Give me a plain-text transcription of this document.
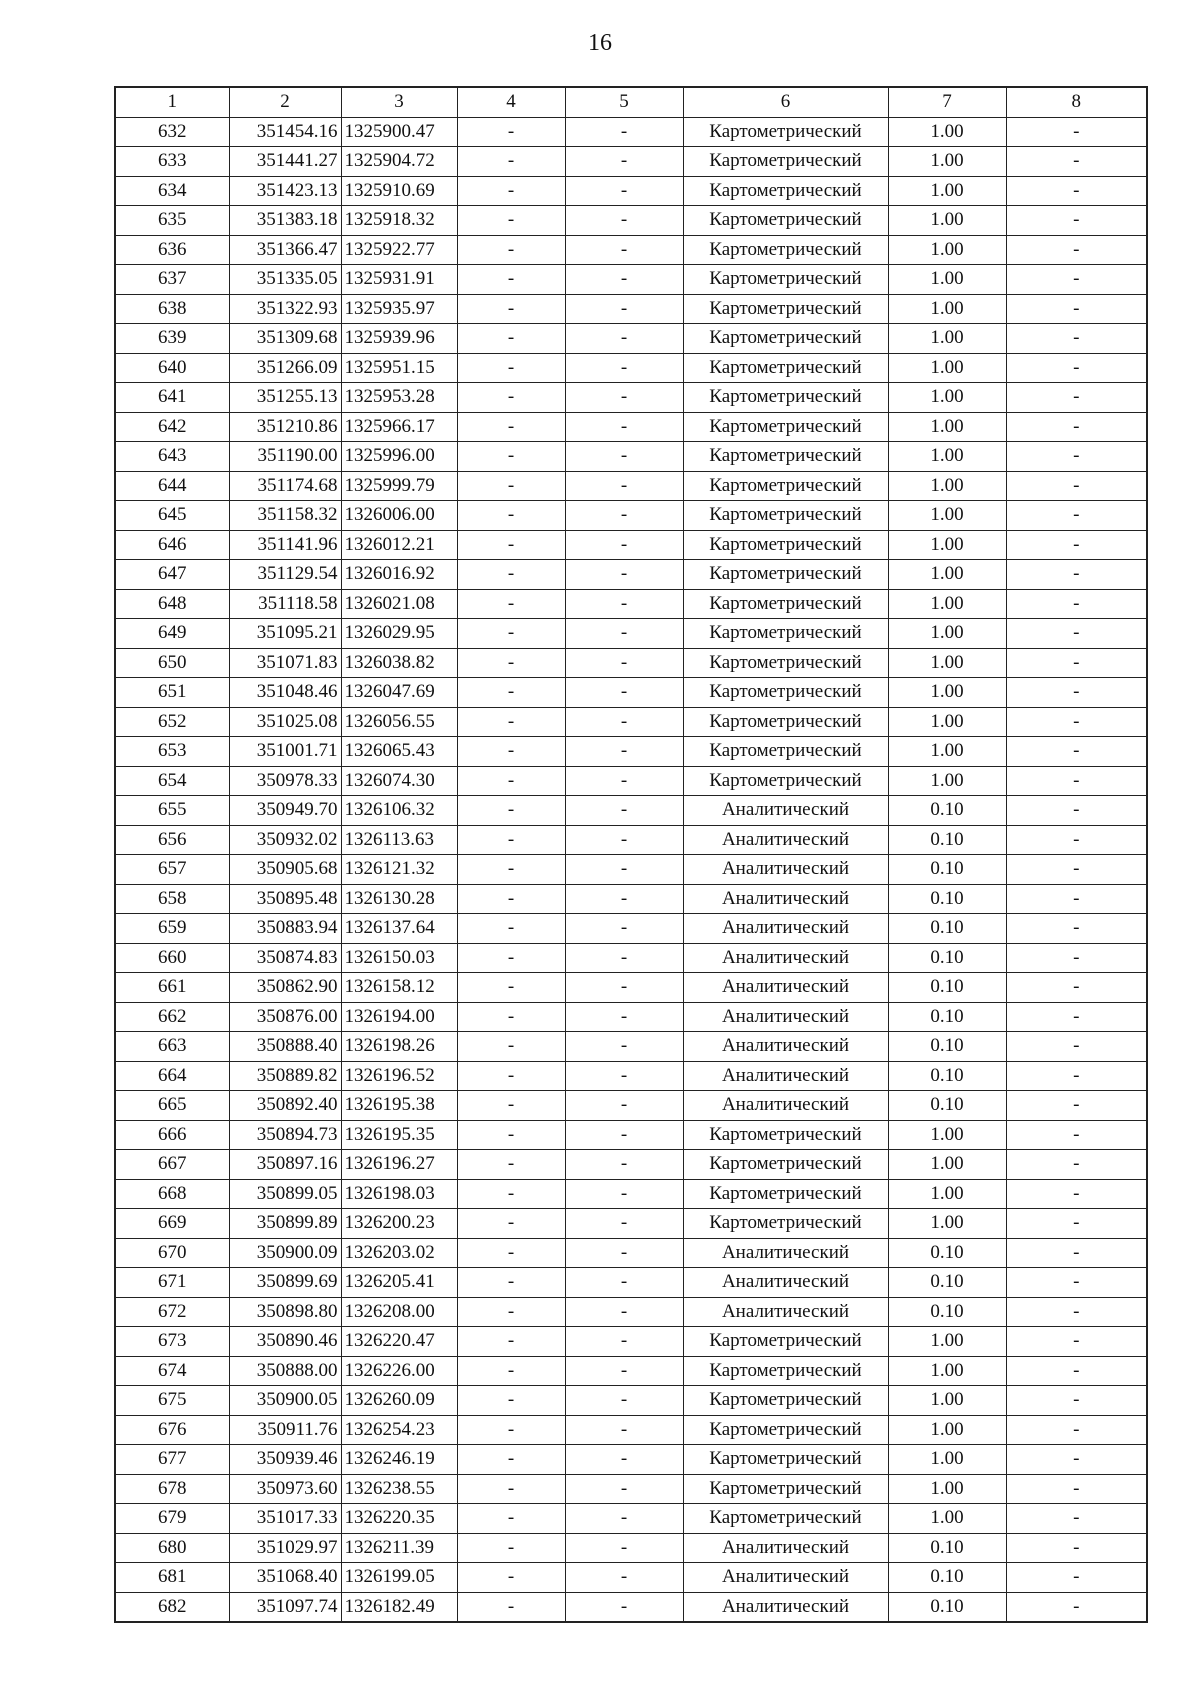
16
1	2	3	4	5	6	7	8
632	351454.16	1325900.47	-	-	Картометрический	1.00	-
633	351441.27	1325904.72	-	-	Картометрический	1.00	-
634	351423.13	1325910.69	-	-	Картометрический	1.00	-
635	351383.18	1325918.32	-	-	Картометрический	1.00	-
636	351366.47	1325922.77	-	-	Картометрический	1.00	-
637	351335.05	1325931.91	-	-	Картометрический	1.00	-
638	351322.93	1325935.97	-	-	Картометрический	1.00	-
639	351309.68	1325939.96	-	-	Картометрический	1.00	-
640	351266.09	1325951.15	-	-	Картометрический	1.00	-
641	351255.13	1325953.28	-	-	Картометрический	1.00	-
642	351210.86	1325966.17	-	-	Картометрический	1.00	-
643	351190.00	1325996.00	-	-	Картометрический	1.00	-
644	351174.68	1325999.79	-	-	Картометрический	1.00	-
645	351158.32	1326006.00	-	-	Картометрический	1.00	-
646	351141.96	1326012.21	-	-	Картометрический	1.00	-
647	351129.54	1326016.92	-	-	Картометрический	1.00	-
648	351118.58	1326021.08	-	-	Картометрический	1.00	-
649	351095.21	1326029.95	-	-	Картометрический	1.00	-
650	351071.83	1326038.82	-	-	Картометрический	1.00	-
651	351048.46	1326047.69	-	-	Картометрический	1.00	-
652	351025.08	1326056.55	-	-	Картометрический	1.00	-
653	351001.71	1326065.43	-	-	Картометрический	1.00	-
654	350978.33	1326074.30	-	-	Картометрический	1.00	-
655	350949.70	1326106.32	-	-	Аналитический	0.10	-
656	350932.02	1326113.63	-	-	Аналитический	0.10	-
657	350905.68	1326121.32	-	-	Аналитический	0.10	-
658	350895.48	1326130.28	-	-	Аналитический	0.10	-
659	350883.94	1326137.64	-	-	Аналитический	0.10	-
660	350874.83	1326150.03	-	-	Аналитический	0.10	-
661	350862.90	1326158.12	-	-	Аналитический	0.10	-
662	350876.00	1326194.00	-	-	Аналитический	0.10	-
663	350888.40	1326198.26	-	-	Аналитический	0.10	-
664	350889.82	1326196.52	-	-	Аналитический	0.10	-
665	350892.40	1326195.38	-	-	Аналитический	0.10	-
666	350894.73	1326195.35	-	-	Картометрический	1.00	-
667	350897.16	1326196.27	-	-	Картометрический	1.00	-
668	350899.05	1326198.03	-	-	Картометрический	1.00	-
669	350899.89	1326200.23	-	-	Картометрический	1.00	-
670	350900.09	1326203.02	-	-	Аналитический	0.10	-
671	350899.69	1326205.41	-	-	Аналитический	0.10	-
672	350898.80	1326208.00	-	-	Аналитический	0.10	-
673	350890.46	1326220.47	-	-	Картометрический	1.00	-
674	350888.00	1326226.00	-	-	Картометрический	1.00	-
675	350900.05	1326260.09	-	-	Картометрический	1.00	-
676	350911.76	1326254.23	-	-	Картометрический	1.00	-
677	350939.46	1326246.19	-	-	Картометрический	1.00	-
678	350973.60	1326238.55	-	-	Картометрический	1.00	-
679	351017.33	1326220.35	-	-	Картометрический	1.00	-
680	351029.97	1326211.39	-	-	Аналитический	0.10	-
681	351068.40	1326199.05	-	-	Аналитический	0.10	-
682	351097.74	1326182.49	-	-	Аналитический	0.10	-
